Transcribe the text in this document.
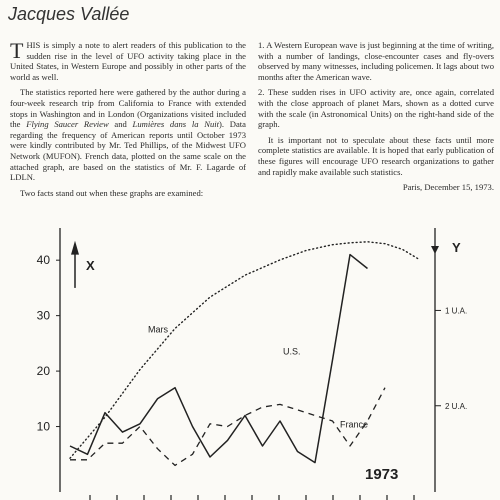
Jacques Vallée

THIS is simply a note to alert readers of this publication to the sudden rise in the level of UFO activity taking place in the United States, in Western Europe and possibly in other parts of the world as well.

The statistics reported here were gathered by the author during a four-week research trip from California to France with extended stops in Washington and in London (Organizations visited included the Flying Saucer Review and Lumières dans la Nuit). Data regarding the frequency of American reports until October 1973 were kindly contributed by Mr. Ted Phillips, of the Midwest UFO Network (MUFON). French data, plotted on the same scale on the attached graph, are based on the statistics of Mr. F. Lagarde of LDLN.

Two facts stand out when these graphs are examined:

1. A Western European wave is just beginning at the time of writing, with a number of landings, close-encounter cases and fly-overs observed by many witnesses, including policemen. It lags about two months after the American wave.

2. These sudden rises in UFO activity are, once again, correlated with the close approach of planet Mars, shown as a dotted curve with the scale (in Astronomical Units) on the right-hand side of the graph.

It is important not to speculate about these facts until more complete statistics are available. It is hoped that early publication of these figures will encourage UFO research organizations to gather and rapidly make available such statistics.

Paris, December 15, 1973.

10
20
30
40
1 U.A.
2 U.A.
1973
U.S.
France
Mars
X
Y
